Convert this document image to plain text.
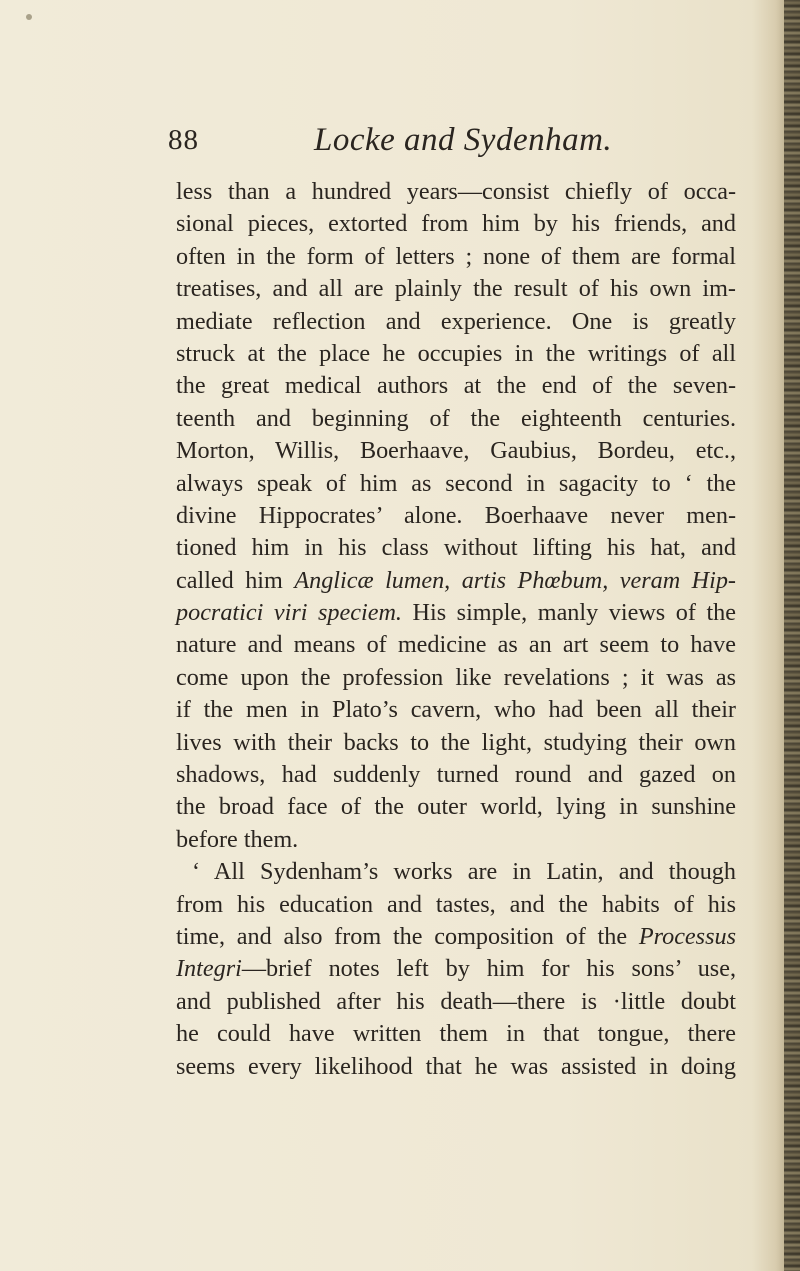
88	Locke and Sydenham.
less than a hundred years—consist chiefly of occa-
sional pieces, extorted from him by his friends, and
often in the form of letters ; none of them are formal
treatises, and all are plainly the result of his own im-
mediate reflection and experience. One is greatly
struck at the place he occupies in the writings of all
the great medical authors at the end of the seven-
teenth and beginning of the eighteenth centuries.
Morton, Willis, Boerhaave, Gaubius, Bordeu, etc.,
always speak of him as second in sagacity to ‘ the
divine Hippocrates’ alone. Boerhaave never men-
tioned him in his class without lifting his hat, and
called him Anglicæ lumen, artis Phœbum, veram Hip-
pocratici viri speciem. His simple, manly views of the
nature and means of medicine as an art seem to have
come upon the profession like revelations ; it was as
if the men in Plato’s cavern, who had been all their
lives with their backs to the light, studying their own
shadows, had suddenly turned round and gazed on
the broad face of the outer world, lying in sunshine
before them.
‘ All Sydenham’s works are in Latin, and though
from his education and tastes, and the habits of his
time, and also from the composition of the Processus
Integri—brief notes left by him for his sons’ use,
and published after his death—there is ·little doubt
he could have written them in that tongue, there
seems every likelihood that he was assisted in doing
